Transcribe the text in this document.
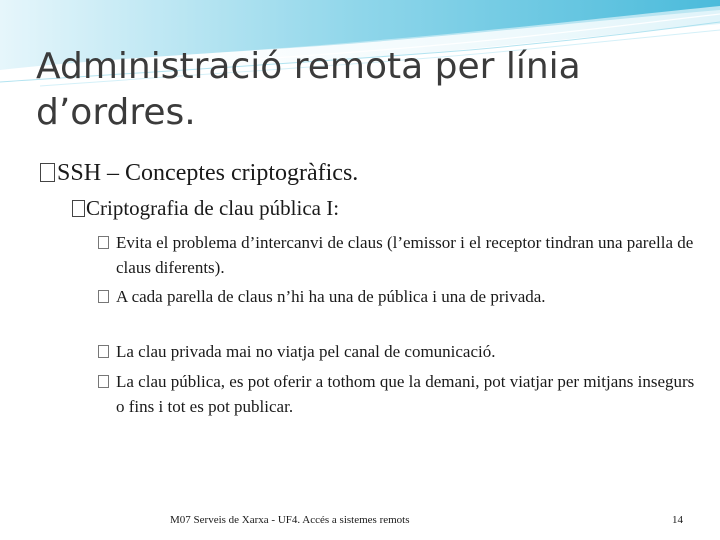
Administració remota per línia
d’ordres.
SSH – Conceptes criptogràfics.
Criptografia de clau pública I:
Evita el problema d’intercanvi de claus (l’emissor i el receptor tindran una parella de claus diferents).
A cada parella de claus n’hi ha una de pública i una de privada.
La clau privada mai no viatja pel canal de comunicació.
La clau pública, es pot oferir a tothom que la demani, pot viatjar per mitjans insegurs o fins i tot es pot publicar.
M07 Serveis de Xarxa - UF4. Accés a sistemes remots	14
